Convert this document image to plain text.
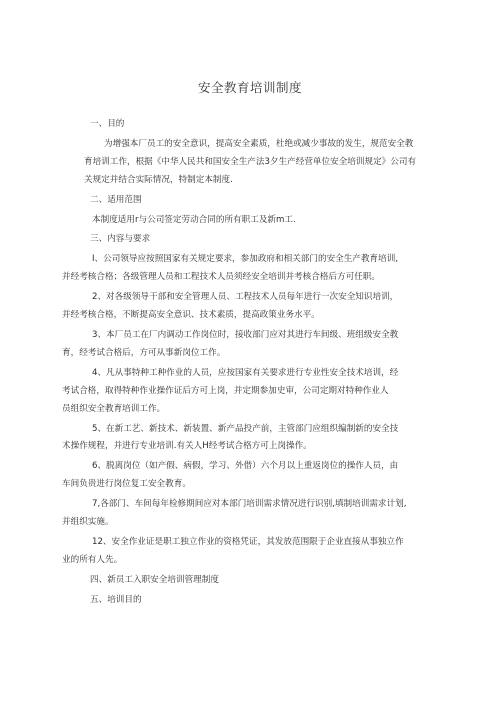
安全教育培训制度
一、目的
为增强本厂员工的安全意识，提高安全素质，杜绝或减少事故的发生，规范安全教
育培训工作，根据《中华人民共和国安全生产法3夕生产经营单位安全培训规定》公司有
关规定并结合实际情况，特制定本制度.
二、适用范围
本制度适用r与公司签定劳动合同的所有职工及新m工.
三、内容与要求
I、公司领导应按照国家有关规定要求，参加政府和相关部门的安全生产教育培训,
并经考核合格；各级管理人员和工程技术人员须经安全培训并考核合格后方可任职。
2、对各级领导干部和安全管理人员、工程技术人员每年进行一次安全知识培训，
并经考核合格，不断提高安全意识、技术素质，提高政策业务水平。
3、本厂员工在厂内调动工作岗位时，接收部门应对其进行车间级、班组级安全教
育，经考试合格后，方可从事新岗位工作。
4、凡从事特种工种作业的人员，应按国家有关要求进行专业性安全技术培训，经
考试合格，取得特种作业操作证后方可上岗，并定期参加史审，公司定期对特种作业人
员组织安全教育培训工作。
5、在新工艺、新技术、新装置、新产品投产前，主管部门应组织编制新的安全技
术操作规程，并进行专业培训.有关人H经考试合格方可上岗操作。
6、脱离岗位（如产假、病假，学习、外借）六个月以上重返岗位的操作人员，由
车间负贵进行岗位复工安全教育。
7,各部门、车间每年检修期间应对本部门培训需求情况进行识别,填制培训需求计划,
并组织实施。
12、安全作业证是职工独立作业的资格凭证，其发放范围限于企业直接从事独立作
业的所有人先。
四、新员工入职安全培训管理制度
五、培训目的
